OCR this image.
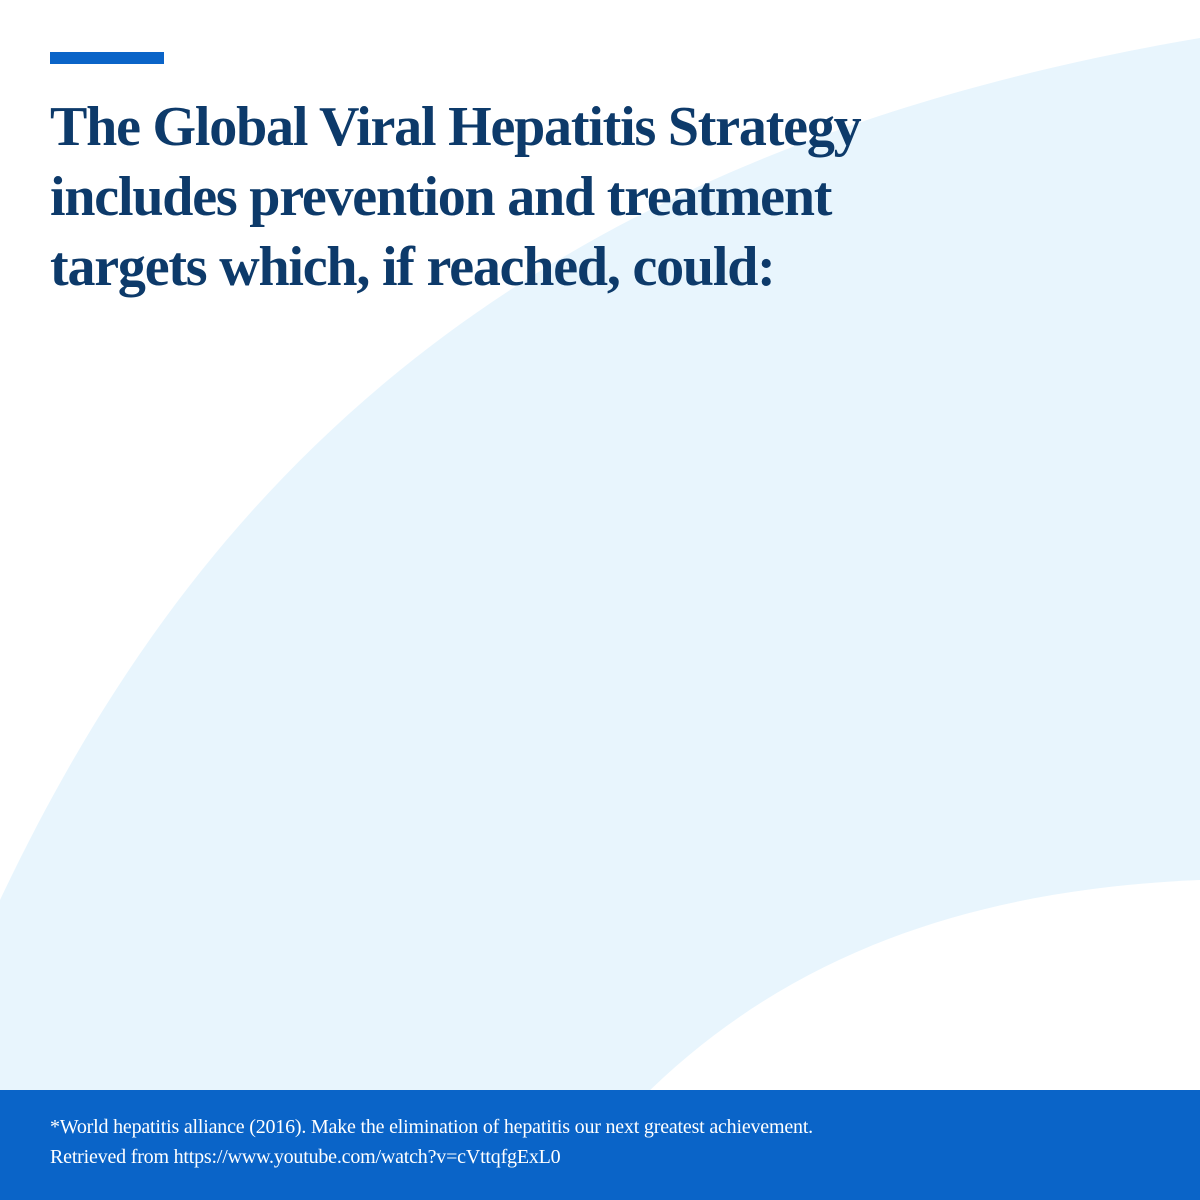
The Global Viral Hepatitis Strategy
includes prevention and treatment
targets which, if reached, could:

*World hepatitis alliance (2016). Make the elimination of hepatitis our next greatest achievement.
Retrieved from https://www.youtube.com/watch?v=cVttqfgExL0
